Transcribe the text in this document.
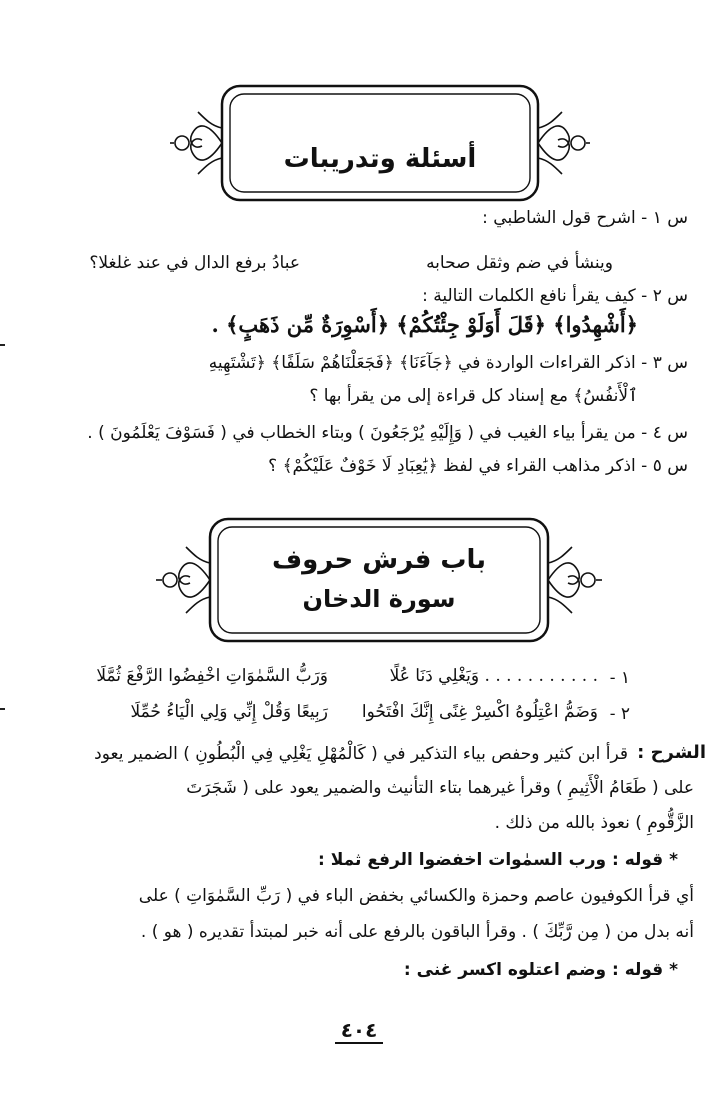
أسئلة وتدريبات
س ١ - اشرح قول الشاطبي :
وينشأ في ضم وثقل صحابه
عبادُ برفع الدال في عند غلغلا؟
س ٢ - كيف يقرأ نافع الكلمات التالية :
﴿أَشْهِدُوا﴾ ﴿قَلَ أَوَلَوْ جِئْتُكُمْ﴾ ﴿أَسْوِرَةٌ مِّن ذَهَبٍ﴾ .
س ٣ - اذكر القراءات الواردة في ﴿جَآءَنَا﴾ ﴿فَجَعَلْنَاهُمْ سَلَفًا﴾ ﴿تَشْتَهِيهِ
ٱلْأَنفُسُ﴾ مع إسناد كل قراءة إلى من يقرأ بها ؟
س ٤ - من يقرأ بياء الغيب في ( وَإِلَيْهِ يُرْجَعُونَ ) وبتاء الخطاب في ( فَسَوْفَ يَعْلَمُونَ ) .
س ٥ - اذكر مذاهب القراء في لفظ ﴿يَٰعِبَادِ لَا خَوْفٌ عَلَيْكُمْ﴾ ؟
باب فرش حروف
سورة الدخان
١ -
. . . . . . . . . . . وَيَغْلِي دَنَا عُلًا
وَرَبُّ السَّمٰوَاتِ اخْفِضُوا الرَّفْعَ ثُمَّلَا
٢ -
وَضَمُّ اعْتِلُوهُ اكْسِرْ غِنًى إِنَّكَ افْتَحُوا
رَبِيعًا وَقُلْ إِنِّي وَلِي الْيَاءُ حُمِّلَا
الشرح :
قرأ ابن كثير وحفص بياء التذكير في ( كَالْمُهْلِ يَغْلِي فِي الْبُطُونِ ) الضمير يعود
على ( طَعَامُ الْأَثِيمِ ) وقرأ غيرهما بتاء التأنيث والضمير يعود على ( شَجَرَتَ
الزَّقُّومِ ) نعوذ بالله من ذلك .
* قوله : ورب السمٰوات اخفضوا الرفع ثملا :
أي قرأ الكوفيون عاصم وحمزة والكسائي بخفض الباء في ( رَبِّ السَّمٰوَاتِ ) على
أنه بدل من ( مِن رَّبِّكَ ) . وقرأ الباقون بالرفع على أنه خبر لمبتدأ تقديره ( هو ) .
* قوله : وضم اعتلوه اكسر غنى :
٤٠٤
